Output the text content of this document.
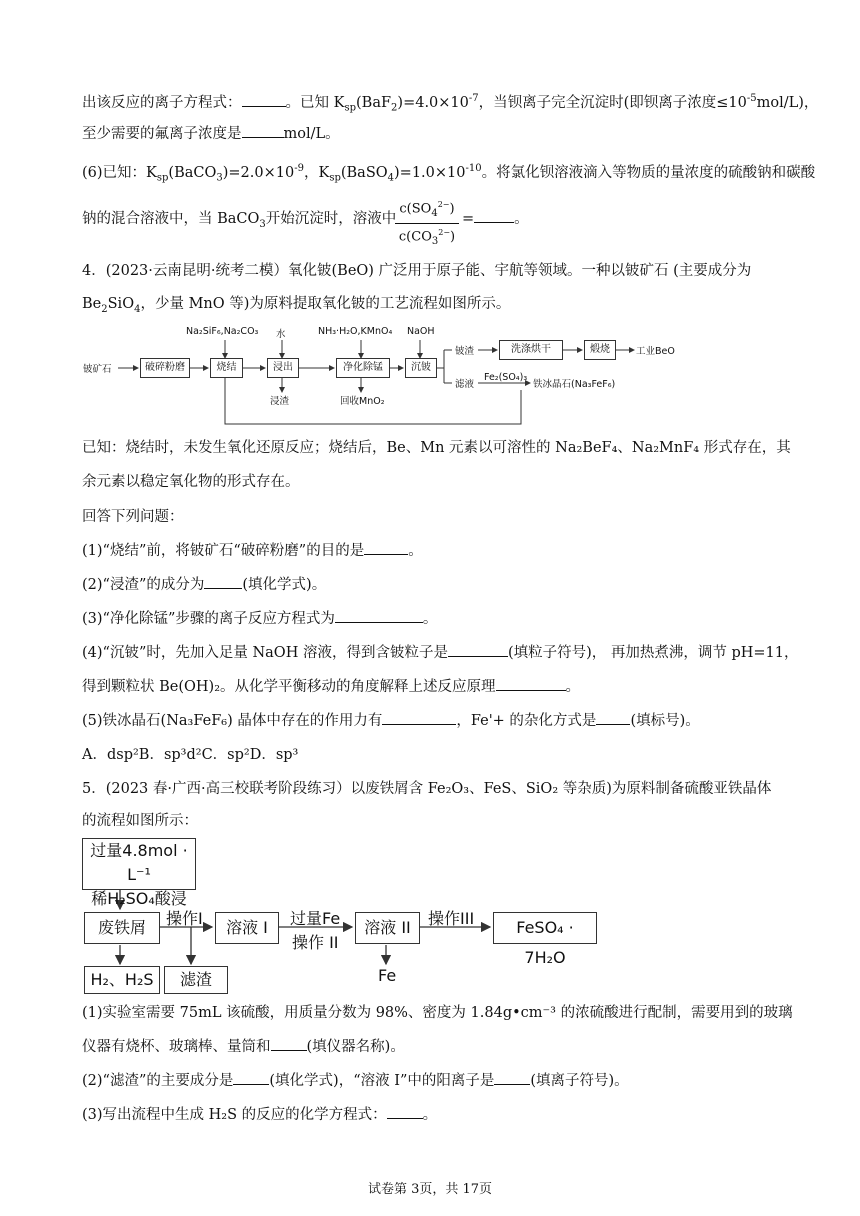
出该反应的离子方程式：	。已知 $K_{sp}(BaF_2)=4.0\times 10^{-7}$，当钡离子完全沉淀时(即钡离子浓度$\le 10^{-5}mol/L$)，
至少需要的氟离子浓度是	mol/L。
(6)已知：$K_{sp}(BaCO_3)=2.0\times 10^{-9}$，$K_{sp}(BaSO_4)=1.0\times 10^{-10}$。将氯化钡溶液滴入等物质的量浓度的硫酸钠和碳酸
钠的混合溶液中，当 BaCO$_3$开始沉淀时，溶液中
$\frac{c(SO_4^{2-})}{c(CO_3^{2-})}$ =	。
4．(2023·云南昆明·统考二模）氧化铍(BeO) 广泛用于原子能、宇航等领域。一种以铍矿石 (主要成分为
$Be_2SiO_4$，少量 MnO 等)为原料提取氧化铍的工艺流程如图所示。
铍矿石	破碎粉磨	烧结	浸出	净化除锰	沉铍
洗涤烘干	煅烧	工业BeO
Na₂SiF₆,Na₂CO₃ 水	NH₃·H₂O,KMnO₄ NaOH
浸渣	回收MnO₂
铍渣
滤液
Fe₂(SO₄)₃
铁冰晶石(Na₃FeF₆)
已知：烧结时，未发生氧化还原反应；烧结后，Be、Mn 元素以可溶性的 Na₂BeF₄、Na₂MnF₄ 形式存在，其
余元素以稳定氧化物的形式存在。
回答下列问题：
(1)“烧结”前，将铍矿石“破碎粉磨”的目的是	。
(2)“浸渣”的成分为	(填化学式)。
(3)“净化除锰”步骤的离子反应方程式为	。
(4)“沉铍”时，先加入足量 NaOH 溶液，得到含铍粒子是	(填粒子符号)， 再加热煮沸，调节 pH=11，
得到颗粒状 Be(OH)₂。从化学平衡移动的角度解释上述反应原理	。
(5)铁冰晶石(Na₃FeF₆) 晶体中存在的作用力有	，Fe'+ 的杂化方式是 (填标号)。
A．dsp²B．sp³d²C．sp²D．sp³
5．(2023 春·广西·高三校联考阶段练习）以废铁屑含 Fe₂O₃、FeS、SiO₂ 等杂质)为原料制备硫酸亚铁晶体
的流程如图所示：
过量4.8mol · L⁻¹
稀H₂SO₄酸浸
废铁屑	操作I	溶液 I	过量Fe
操作 II
溶液 II	操作III	FeSO₄ · 7H₂O
H₂、H₂S	滤渣	Fe
(1)实验室需要 75mL 该硫酸，用质量分数为 98%、密度为 1.84g•cm⁻³ 的浓硫酸进行配制，需要用到的玻璃
仪器有烧杯、玻璃棒、量筒和 (填仪器名称)。
(2)“滤渣”的主要成分是 (填化学式)，“溶液 I”中的阳离子是 (填离子符号)。
(3)写出流程中生成 H₂S 的反应的化学方程式： 。
试卷第 3页，共 17页
